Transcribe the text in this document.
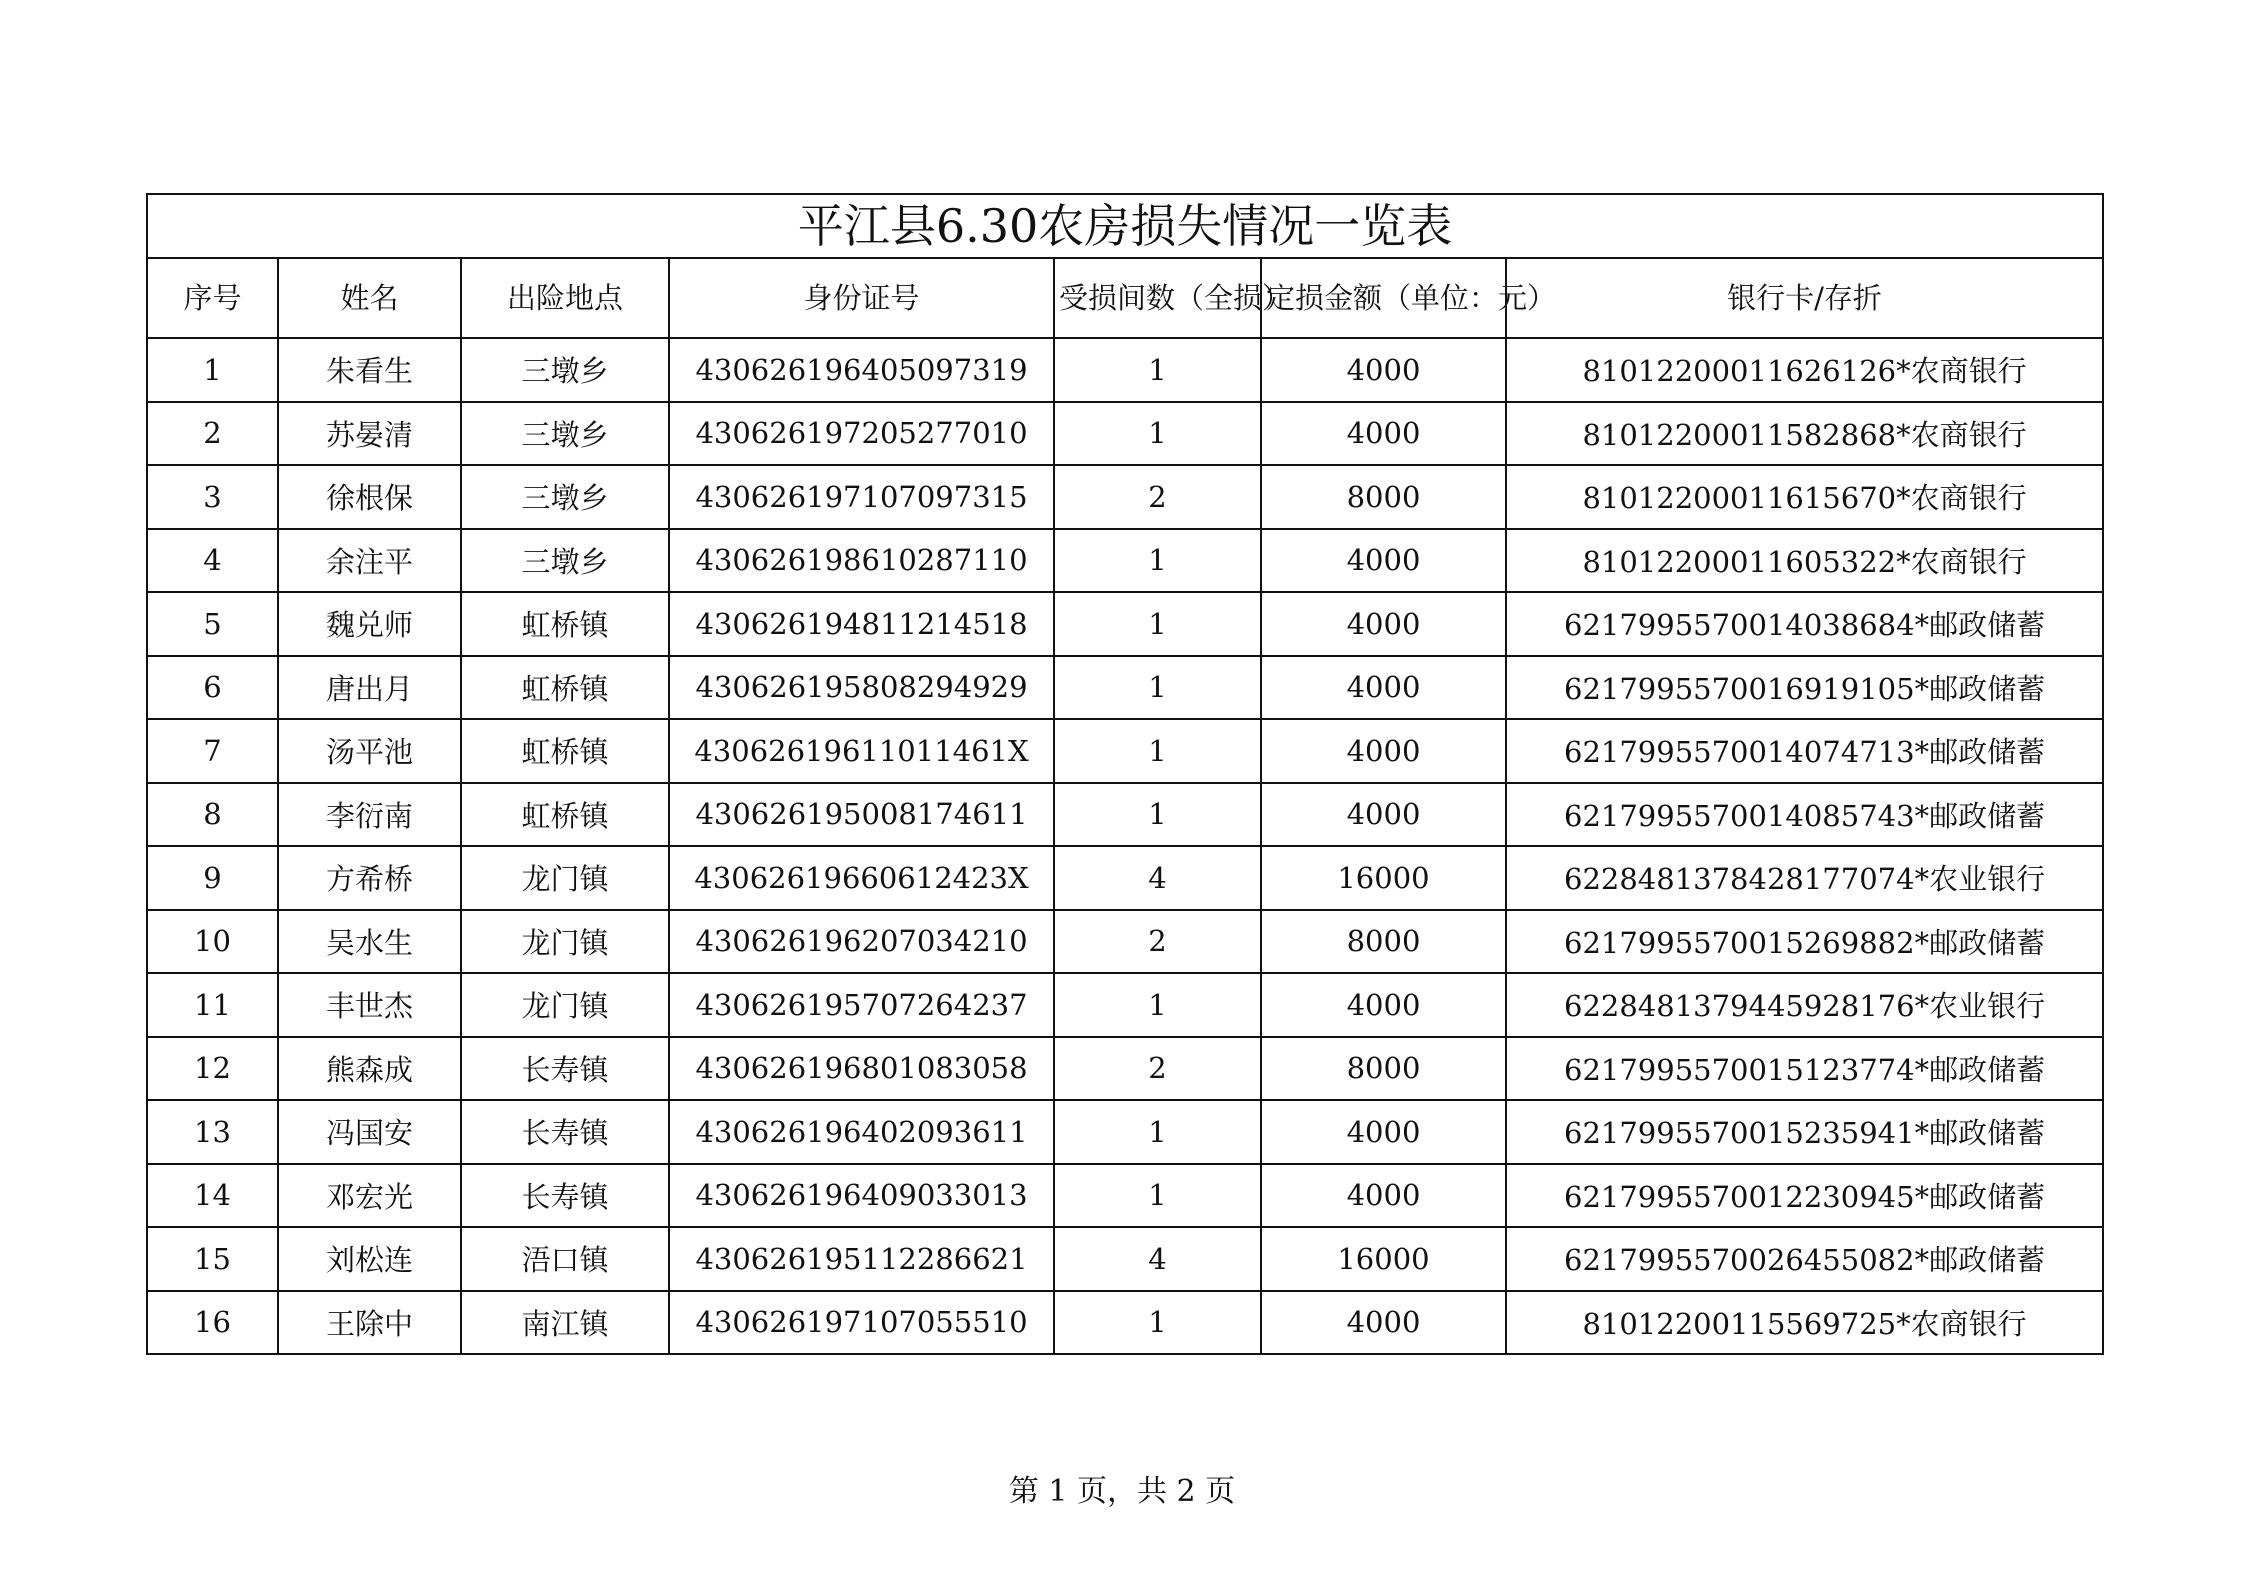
平江县6.30农房损失情况一览表						
序号	姓名	出险地点	身份证号	受损间数（全损）	定损金额（单位：元）	银行卡/存折
1	朱看生	三墩乡	430626196405097319	1	4000	81012200011626126*农商银行
2	苏晏清	三墩乡	430626197205277010	1	4000	81012200011582868*农商银行
3	徐根保	三墩乡	430626197107097315	2	8000	81012200011615670*农商银行
4	余注平	三墩乡	430626198610287110	1	4000	81012200011605322*农商银行
5	魏兑师	虹桥镇	430626194811214518	1	4000	6217995570014038684*邮政储蓄
6	唐出月	虹桥镇	430626195808294929	1	4000	6217995570016919105*邮政储蓄
7	汤平池	虹桥镇	43062619611011461X	1	4000	6217995570014074713*邮政储蓄
8	李衍南	虹桥镇	430626195008174611	1	4000	6217995570014085743*邮政储蓄
9	方希桥	龙门镇	43062619660612423X	4	16000	6228481378428177074*农业银行
10	吴水生	龙门镇	430626196207034210	2	8000	6217995570015269882*邮政储蓄
11	丰世杰	龙门镇	430626195707264237	1	4000	6228481379445928176*农业银行
12	熊森成	长寿镇	430626196801083058	2	8000	6217995570015123774*邮政储蓄
13	冯国安	长寿镇	430626196402093611	1	4000	6217995570015235941*邮政储蓄
14	邓宏光	长寿镇	430626196409033013	1	4000	6217995570012230945*邮政储蓄
15	刘松连	浯口镇	430626195112286621	4	16000	6217995570026455082*邮政储蓄
16	王除中	南江镇	430626197107055510	1	4000	81012200115569725*农商银行
第 1 页，共 2 页
